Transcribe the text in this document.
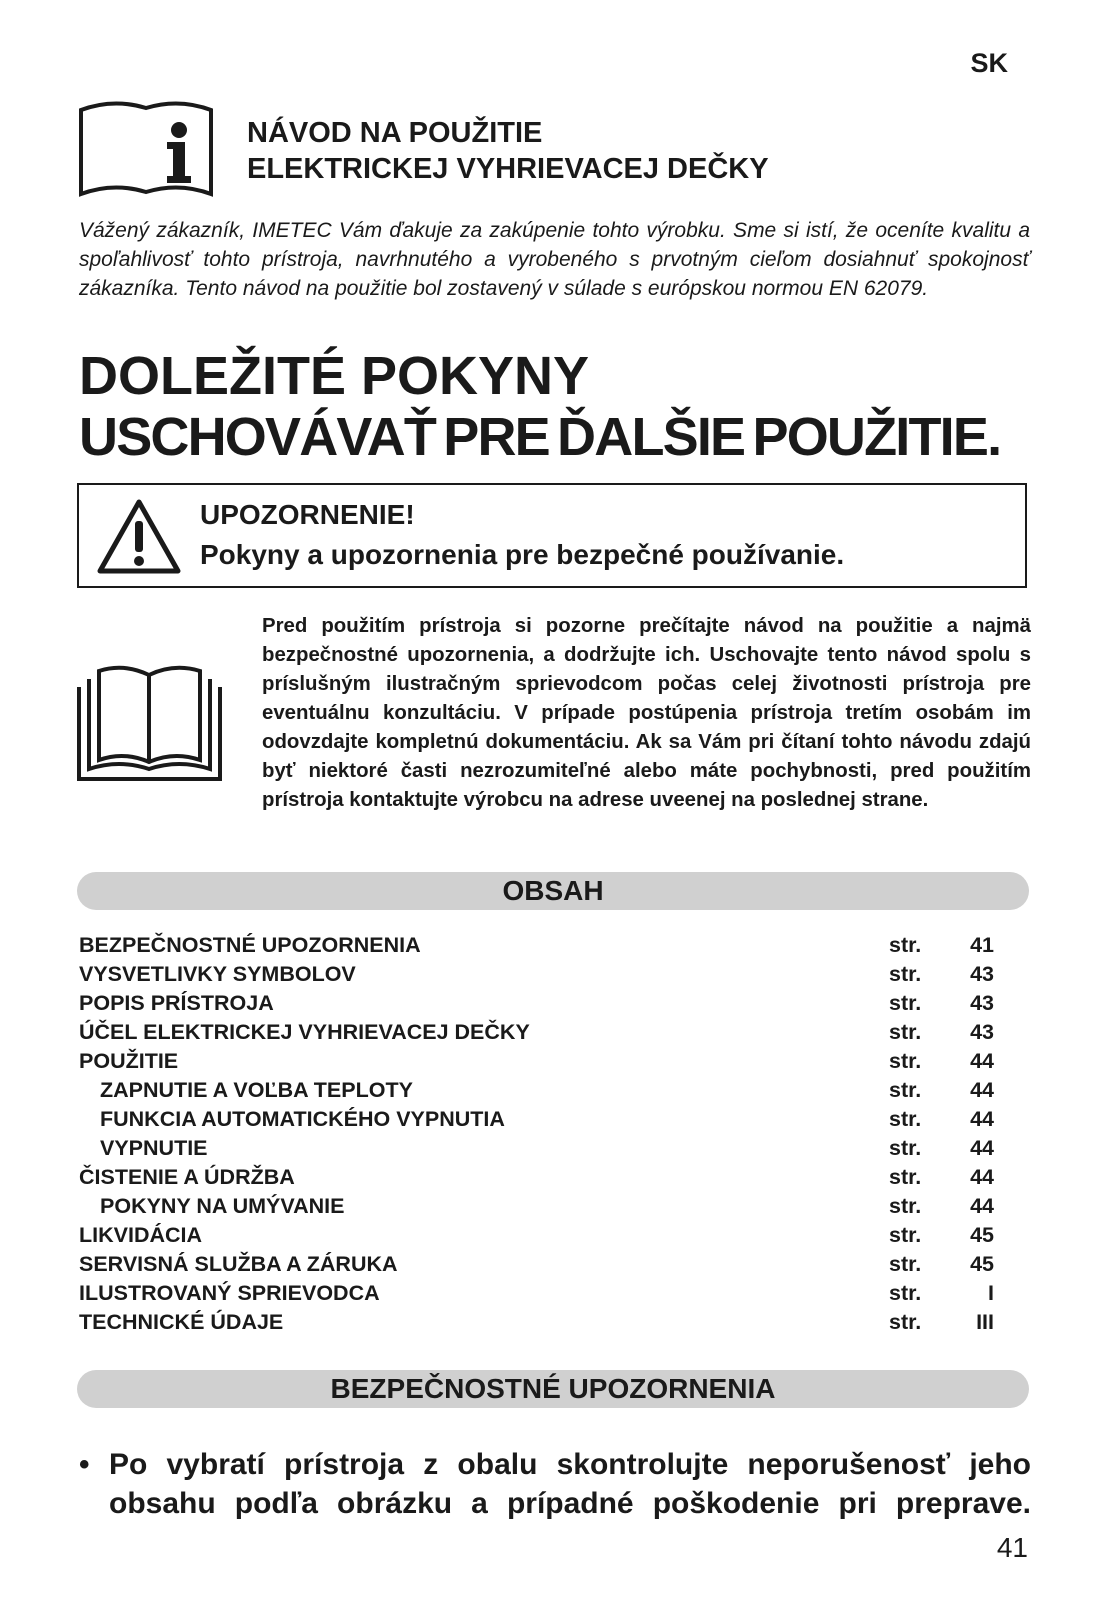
SK
NÁVOD NA POUŽITIE
ELEKTRICKEJ VYHRIEVACEJ DEČKY
Vážený zákazník, IMETEC Vám ďakuje za zakúpenie tohto výrobku. Sme si istí, že oceníte kvalitu a spoľahlivosť tohto prístroja, navrhnutého a vyrobeného s prvotným cieľom dosiahnuť spokojnosť zákazníka. Tento návod na použitie bol zostavený v súlade s európskou normou EN 62079.
DOLEŽITÉ POKYNY
USCHOVÁVAŤ PRE ĎALŠIE POUŽITIE.
UPOZORNENIE!
Pokyny a upozornenia pre bezpečné používanie.
Pred použitím prístroja si pozorne prečítajte návod na použitie a najmä bezpečnostné upozornenia, a dodržujte ich. Uschovajte tento návod spolu s príslušným ilustračným sprievodcom počas celej životnosti prístroja pre eventuálnu konzultáciu. V prípade postúpenia prístroja tretím osobám im odovzdajte kompletnú dokumentáciu. Ak sa Vám pri čítaní tohto návodu zdajú byť niektoré časti nezrozumiteľné alebo máte pochybnosti, pred použitím prístroja kontaktujte výrobcu na adrese uveenej na poslednej strane.
OBSAH
BEZPEČNOSTNÉ UPOZORNENIA	str. 41
VYSVETLIVKY SYMBOLOV	str. 43
POPIS PRÍSTROJA	str. 43
ÚČEL ELEKTRICKEJ VYHRIEVACEJ DEČKY	str. 43
POUŽITIE	str. 44
ZAPNUTIE A VOĽBA TEPLOTY	str. 44
FUNKCIA AUTOMATICKÉHO VYPNUTIA	str. 44
VYPNUTIE	str. 44
ČISTENIE A ÚDRŽBA	str. 44
POKYNY NA UMÝVANIE	str. 44
LIKVIDÁCIA	str. 45
SERVISNÁ SLUŽBA A ZÁRUKA	str. 45
ILUSTROVANÝ SPRIEVODCA	str.	I
TECHNICKÉ ÚDAJE	str.	III
BEZPEČNOSTNÉ UPOZORNENIA
• Po vybratí prístroja z obalu skontrolujte neporušenosť jeho obsahu podľa obrázku a prípadné poškodenie pri preprave.
41
